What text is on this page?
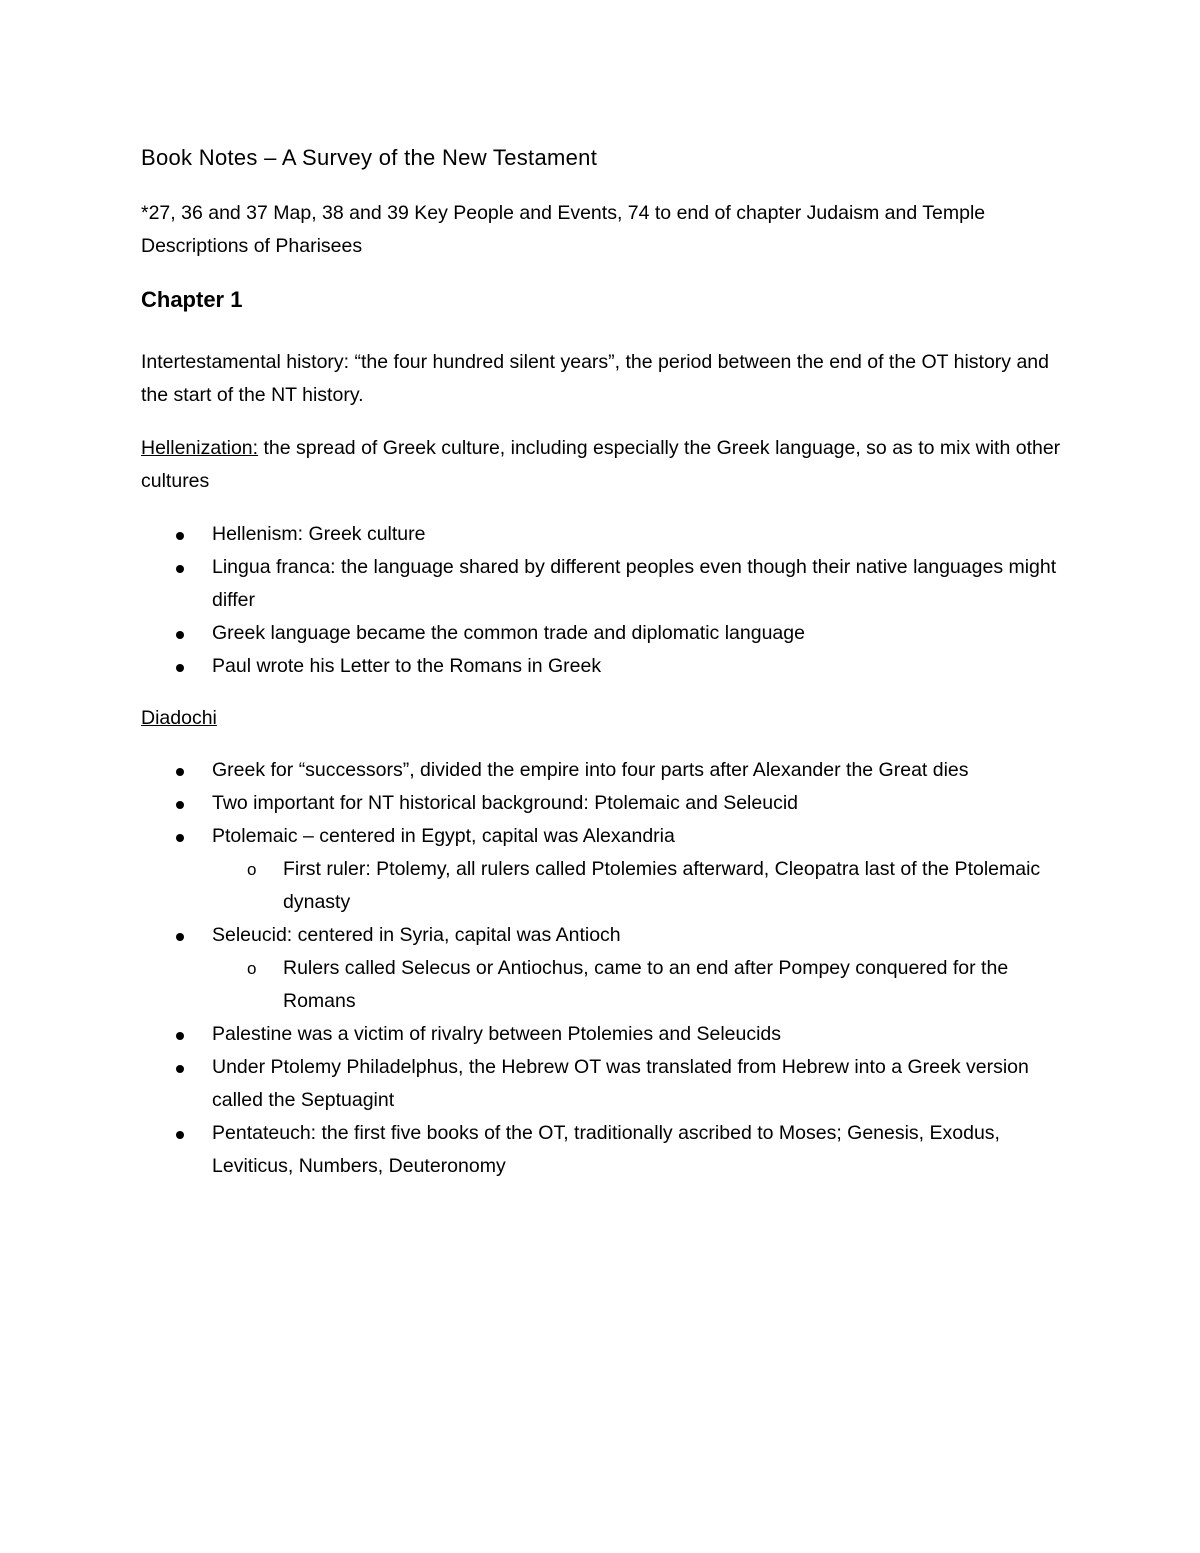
Book Notes – A Survey of the New Testament
*27, 36 and 37 Map, 38 and 39 Key People and Events, 74 to end of chapter Judaism and Temple Descriptions of Pharisees
Chapter 1
Intertestamental history: “the four hundred silent years”, the period between the end of the OT history and the start of the NT history.
Hellenization: the spread of Greek culture, including especially the Greek language, so as to mix with other cultures
Hellenism: Greek culture
Lingua franca: the language shared by different peoples even though their native languages might differ
Greek language became the common trade and diplomatic language
Paul wrote his Letter to the Romans in Greek
Diadochi
Greek for “successors”, divided the empire into four parts after Alexander the Great dies
Two important for NT historical background: Ptolemaic and Seleucid
Ptolemaic – centered in Egypt, capital was Alexandria
o First ruler: Ptolemy, all rulers called Ptolemies afterward, Cleopatra last of the Ptolemaic dynasty
Seleucid: centered in Syria, capital was Antioch
o Rulers called Selecus or Antiochus, came to an end after Pompey conquered for the Romans
Palestine was a victim of rivalry between Ptolemies and Seleucids
Under Ptolemy Philadelphus, the Hebrew OT was translated from Hebrew into a Greek version called the Septuagint
Pentateuch: the first five books of the OT, traditionally ascribed to Moses; Genesis, Exodus, Leviticus, Numbers, Deuteronomy
